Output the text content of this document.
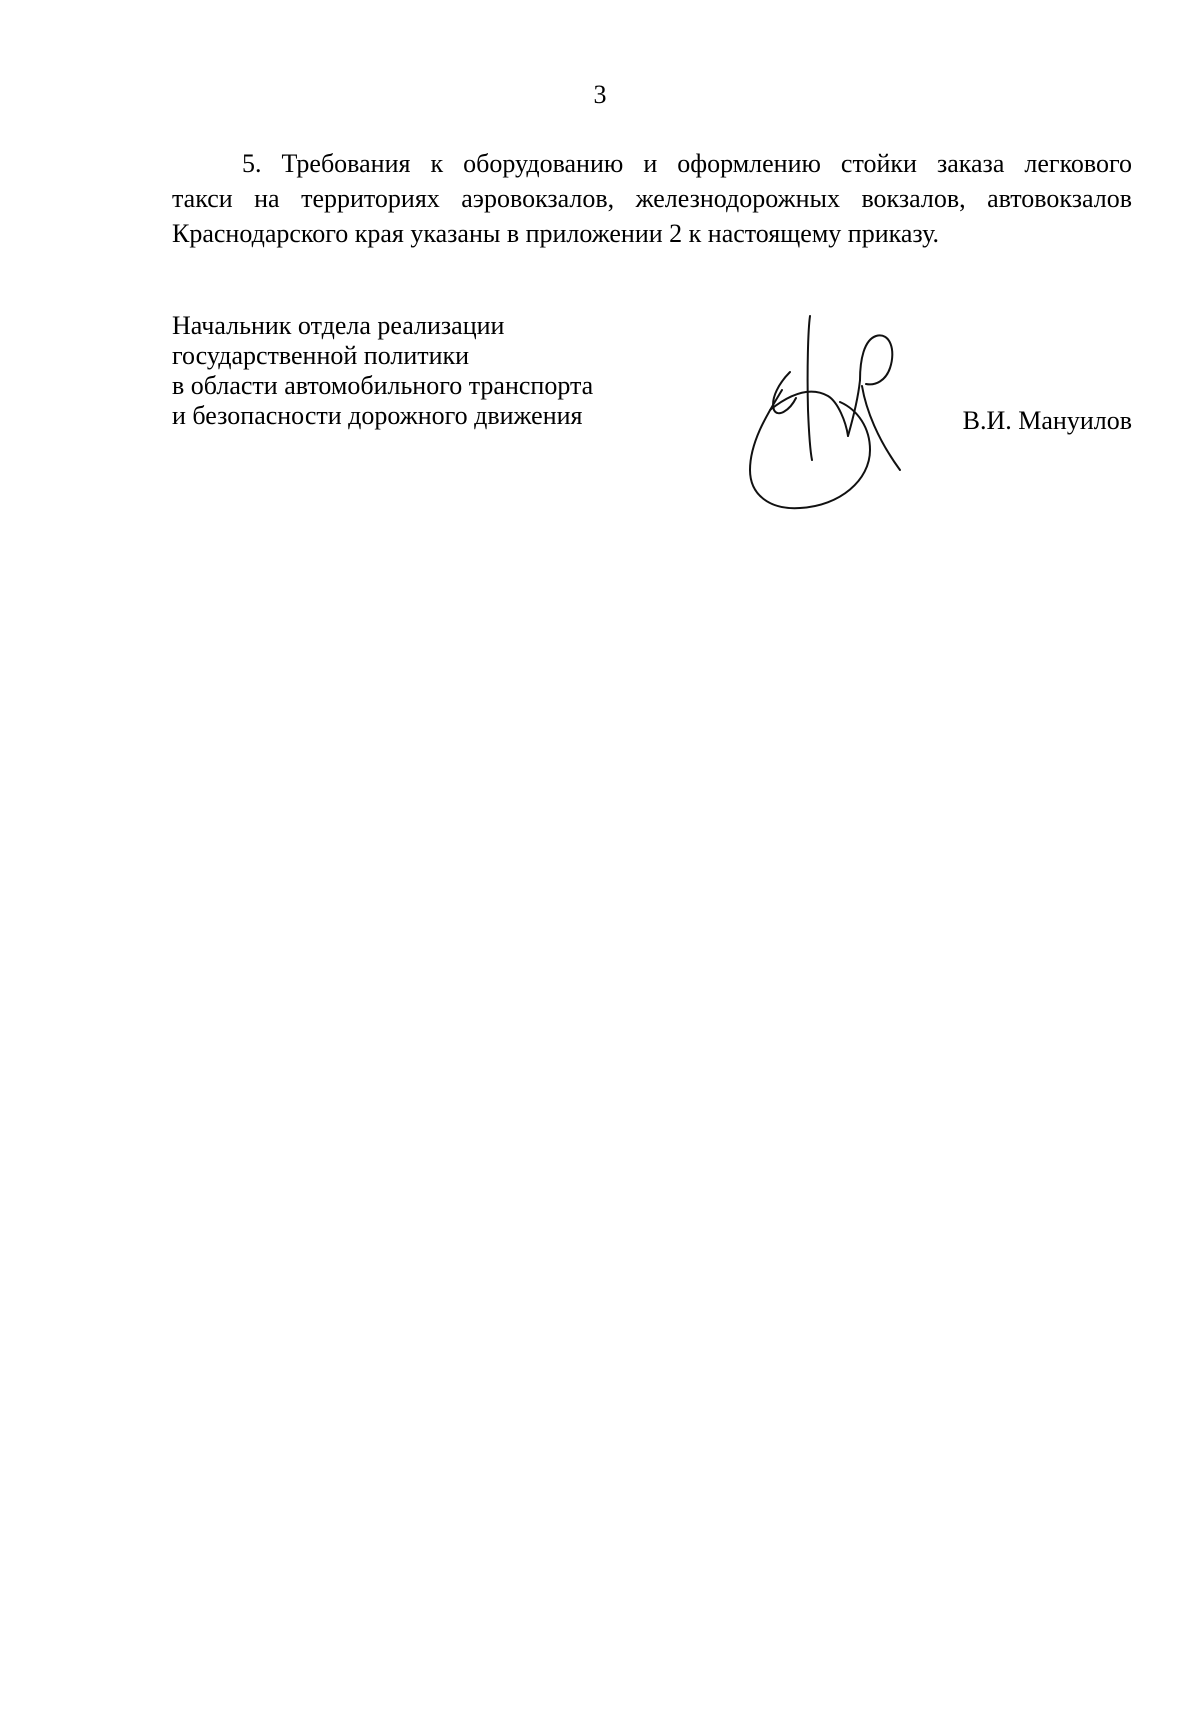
3

5. Требования к оборудованию и оформлению стойки заказа легкового
такси на территориях аэровокзалов, железнодорожных вокзалов, автовокзалов
Краснодарского края указаны в приложении 2 к настоящему приказу.

Начальник отдела реализации
государственной политики
в области автомобильного транспорта
и безопасности дорожного движения	В.И. Мануилов
